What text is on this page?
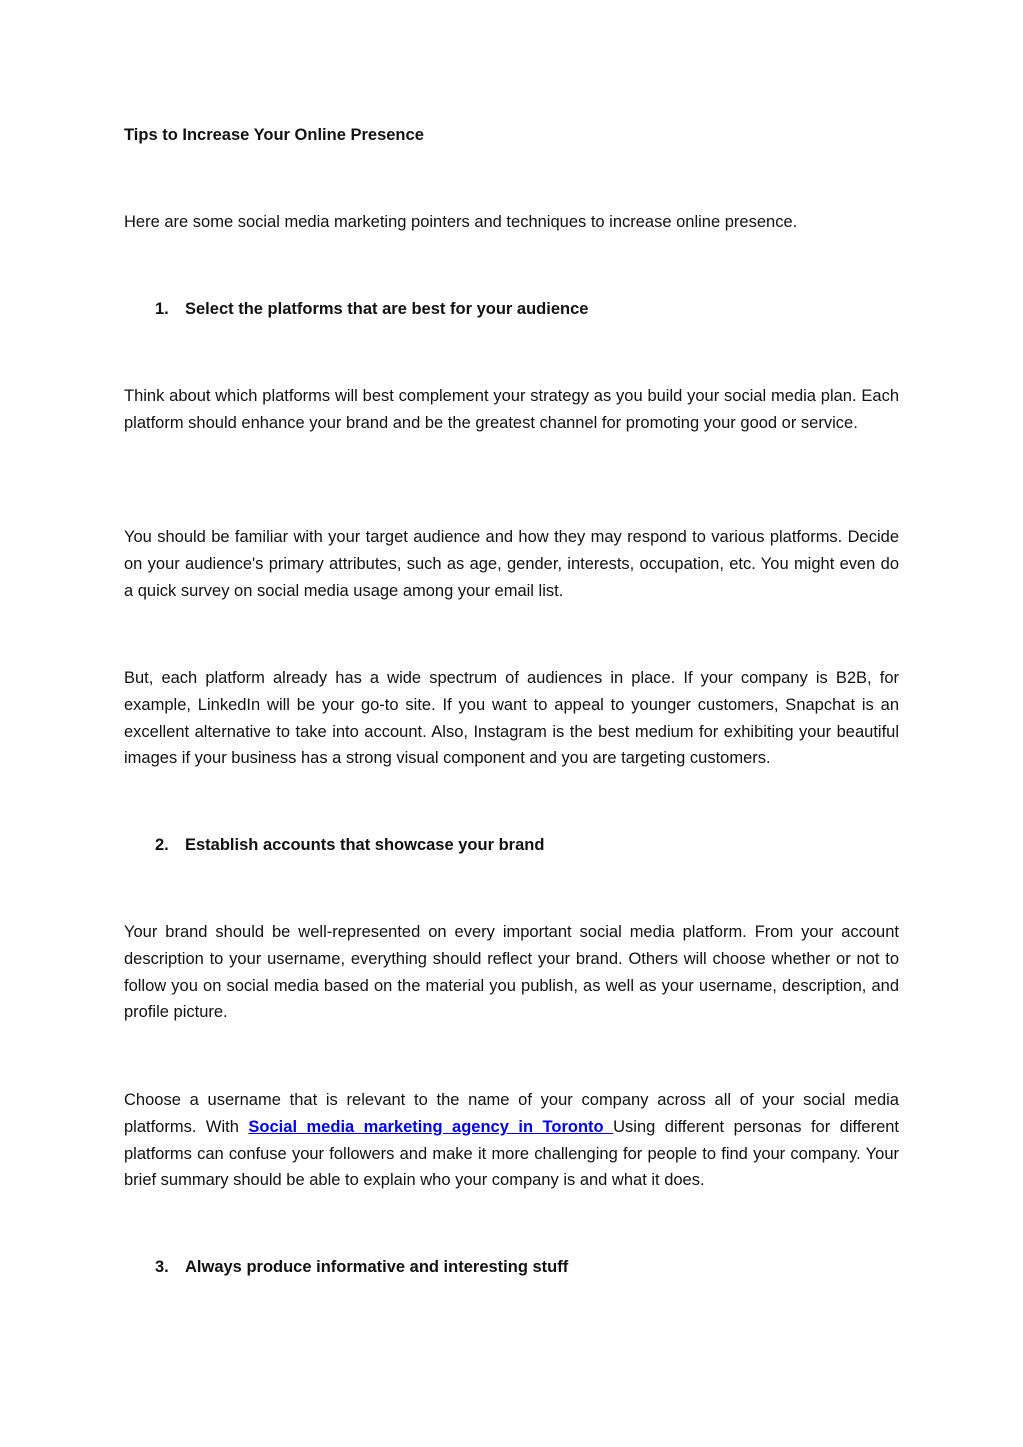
Tips to Increase Your Online Presence

Here are some social media marketing pointers and techniques to increase online presence.

1. Select the platforms that are best for your audience

Think about which platforms will best complement your strategy as you build your social media plan. Each platform should enhance your brand and be the greatest channel for promoting your good or service.

You should be familiar with your target audience and how they may respond to various platforms. Decide on your audience's primary attributes, such as age, gender, interests, occupation, etc. You might even do a quick survey on social media usage among your email list.

But, each platform already has a wide spectrum of audiences in place. If your company is B2B, for example, LinkedIn will be your go-to site. If you want to appeal to younger customers, Snapchat is an excellent alternative to take into account. Also, Instagram is the best medium for exhibiting your beautiful images if your business has a strong visual component and you are targeting customers.

2. Establish accounts that showcase your brand

Your brand should be well-represented on every important social media platform. From your account description to your username, everything should reflect your brand. Others will choose whether or not to follow you on social media based on the material you publish, as well as your username, description, and profile picture.

Choose a username that is relevant to the name of your company across all of your social media platforms. With Social media marketing agency in Toronto Using different personas for different platforms can confuse your followers and make it more challenging for people to find your company. Your brief summary should be able to explain who your company is and what it does.

3. Always produce informative and interesting stuff
